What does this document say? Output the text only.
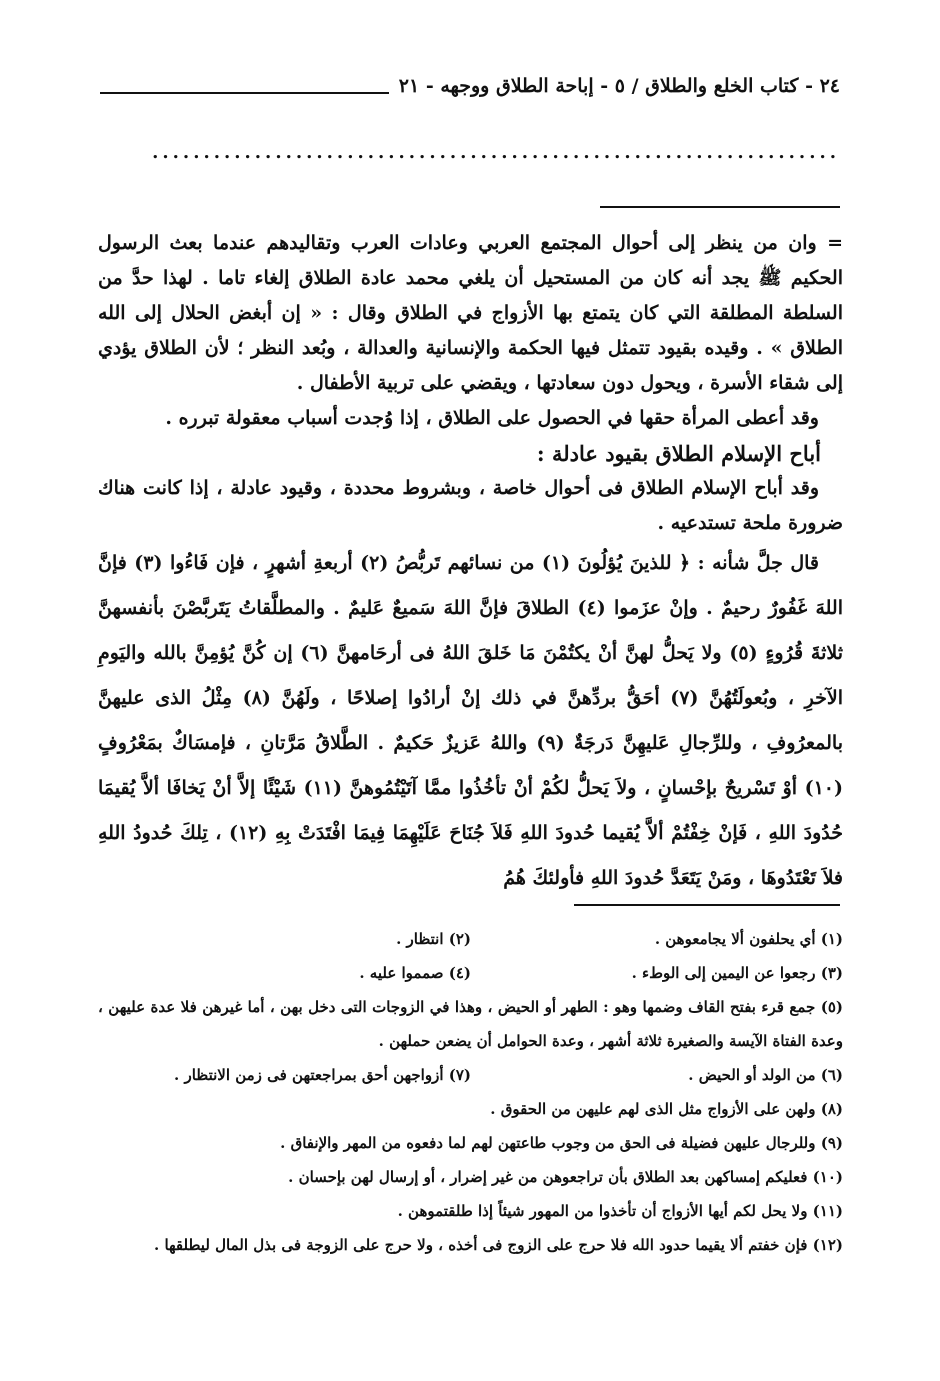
٢٤ - كتاب الخلع والطلاق / ٥ - إباحة الطلاق ووجهه - ٢١
...................................................................

= وان من ينظر إلى أحوال المجتمع العربي وعادات العرب وتقاليدهم عندما بعث الرسول الحكيم ﷺ يجد أنه كان من المستحيل أن يلغي محمد عادة الطلاق إلغاء تاما . لهذا حدَّ من السلطة المطلقة التي كان يتمتع بها الأزواج في الطلاق وقال : « إن أبغض الحلال إلى الله الطلاق » . وقيده بقيود تتمثل فيها الحكمة والإنسانية والعدالة ، وبُعد النظر ؛ لأن الطلاق يؤدي إلى شقاء الأسرة ، ويحول دون سعادتها ، ويقضي على تربية الأطفال .

وقد أعطى المرأة حقها في الحصول على الطلاق ، إذا وُجدت أسباب معقولة تبرره .

أباح الإسلام الطلاق بقيود عادلة :

وقد أباح الإسلام الطلاق فى أحوال خاصة ، وبشروط محددة ، وقيود عادلة ، إذا كانت هناك ضرورة ملحة تستدعيه .

قال جلَّ شأنه : ﴿ للذينَ يُؤلُونَ (١) من نسائهم تَربُّصُ (٢) أربعةِ أشهرٍ ، فإن فَاءُوا (٣) فإنَّ اللهَ غَفُورٌ رحيمٌ . وإنْ عزَموا (٤) الطلاقَ فإنَّ اللهَ سَميعٌ عَليمٌ . والمطلَّقاتُ يَتَربَّصْنَ بأنفسهنَّ ثلاثةَ قُرُوءٍ (٥) ولا يَحلُّ لهنَّ أنْ يكتُمْنَ مَا خَلقَ اللهُ فى أرحَامهنَّ (٦) إن كُنَّ يُؤمِنَّ بالله واليَومِ الآخرِ ، وبُعولَتُهُنَّ (٧) أحَقُّ بردِّهنَّ في ذلك إنْ أرادُوا إصلاحًا ، ولَهُنَّ (٨) مِثْلُ الذى عليهنَّ بالمعرُوفِ ، وللرِّجالِ عَليهِنَّ دَرجَةٌ (٩) واللهُ عَزيزٌ حَكيمٌ . الطَّلاقُ مَرَّتانِ ، فإمسَاكٌ بمَعْرُوفٍ (١٠) أوْ تَسْريحٌ بإحْسانٍ ، ولاَ يَحلُّ لكُمْ أنْ تأخُذُوا ممَّا آتَيْتُمُوهنَّ (١١) شَيْئًا إلاَّ أنْ يَخافَا ألاَّ يُقيمَا حُدُودَ اللهِ ، فَإنْ خِفْتُمْ ألاَّ يُقيما حُدودَ اللهِ فَلاَ جُنَاحَ عَلَيْهِمَا فِيمَا افْتَدَتْ بِهِ (١٢) ، تِلكَ حُدودُ اللهِ فلاَ تَعْتَدُوهَا ، ومَنْ يَتَعَدَّ حُدودَ اللهِ فأولئكَ هُمُ

(١) أي يحلفون ألا يجامعوهن .
(٢) انتظار .
(٣) رجعوا عن اليمين إلى الوطء .
(٤) صمموا عليه .

(٥) جمع قرء بفتح القاف وضمها وهو : الطهر أو الحيض ، وهذا في الزوجات التى دخل بهن ، أما غيرهن فلا عدة عليهن ، وعدة الفتاة الآيسة والصغيرة ثلاثة أشهر ، وعدة الحوامل أن يضعن حملهن .

(٦) من الولد أو الحيض .
(٧) أزواجهن أحق بمراجعتهن فى زمن الانتظار .

(٨) ولهن على الأزواج مثل الذى لهم عليهن من الحقوق .

(٩) وللرجال عليهن فضيلة فى الحق من وجوب طاعتهن لهم لما دفعوه من المهر والإنفاق .

(١٠) فعليكم إمساكهن بعد الطلاق بأن تراجعوهن من غير إضرار ، أو إرسال لهن بإحسان .

(١١) ولا يحل لكم أيها الأزواج أن تأخذوا من المهور شيئاً إذا طلقتموهن .

(١٢) فإن خفتم ألا يقيما حدود الله فلا حرج على الزوج فى أخذه ، ولا حرج على الزوجة فى بذل المال ليطلقها .
